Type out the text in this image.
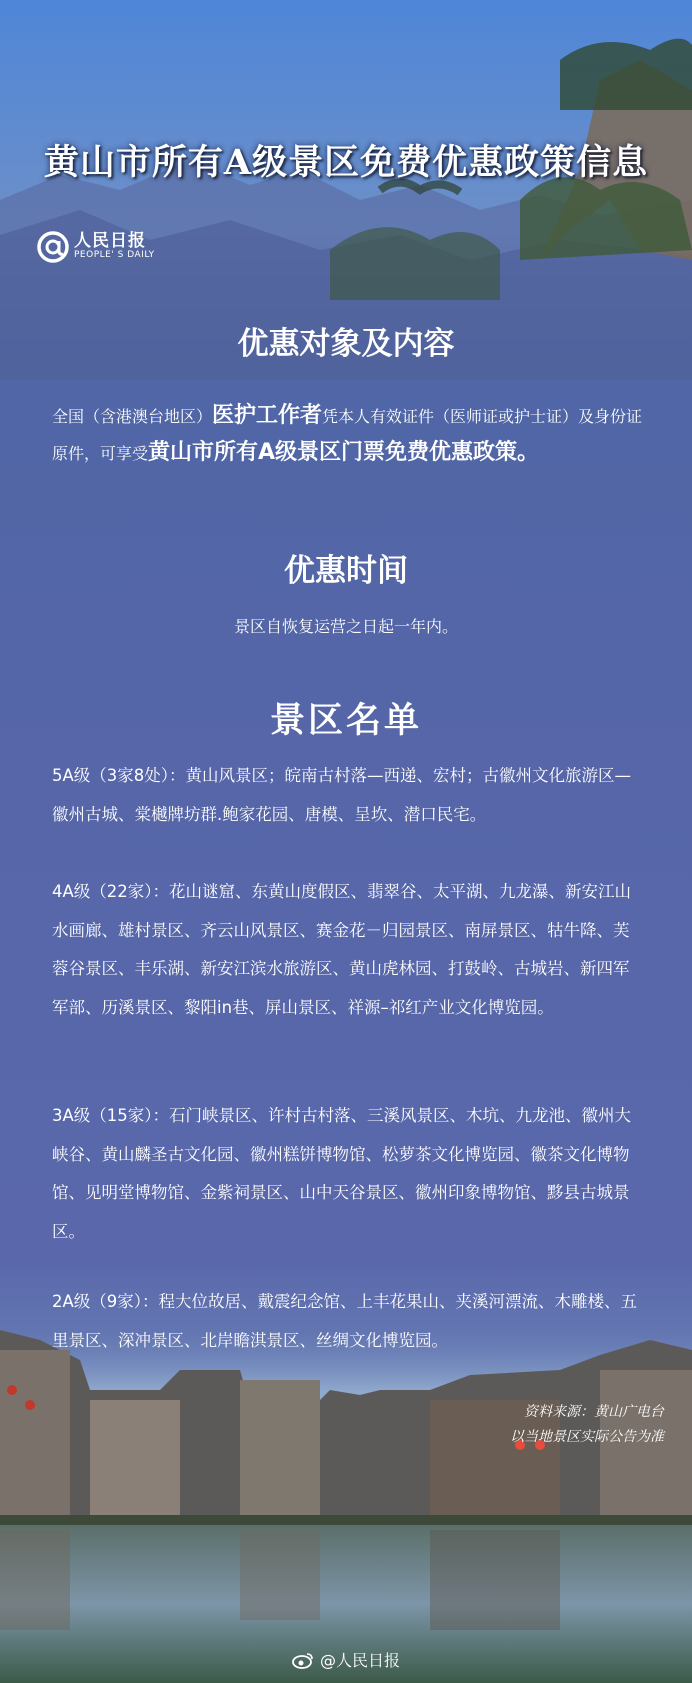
黄山市所有A级景区免费优惠政策信息
人民日报
PEOPLE' S DAILY
优惠对象及内容
全国（含港澳台地区）医护工作者凭本人有效证件（医师证或护士证）及身份证原件，可享受黄山市所有A级景区门票免费优惠政策。
优惠时间
景区自恢复运营之日起一年内。
景区名单
5A级（3家8处）：黄山风景区；皖南古村落—西递、宏村；古徽州文化旅游区—徽州古城、棠樾牌坊群.鲍家花园、唐模、呈坎、潜口民宅。
4A级（22家）：花山谜窟、东黄山度假区、翡翠谷、太平湖、九龙瀑、新安江山水画廊、雄村景区、齐云山风景区、赛金花－归园景区、南屏景区、牯牛降、芙蓉谷景区、丰乐湖、新安江滨水旅游区、黄山虎林园、打鼓岭、古城岩、新四军军部、历溪景区、黎阳in巷、屏山景区、祥源–祁红产业文化博览园。
3A级（15家）：石门峡景区、许村古村落、三溪风景区、木坑、九龙池、徽州大峡谷、黄山麟圣古文化园、徽州糕饼博物馆、松萝茶文化博览园、徽茶文化博物馆、见明堂博物馆、金紫祠景区、山中天谷景区、徽州印象博物馆、黟县古城景区。
2A级（9家）：程大位故居、戴震纪念馆、上丰花果山、夹溪河漂流、木雕楼、五里景区、深冲景区、北岸瞻淇景区、丝绸文化博览园。
资料来源：黄山广电台
以当地景区实际公告为准
@人民日报
